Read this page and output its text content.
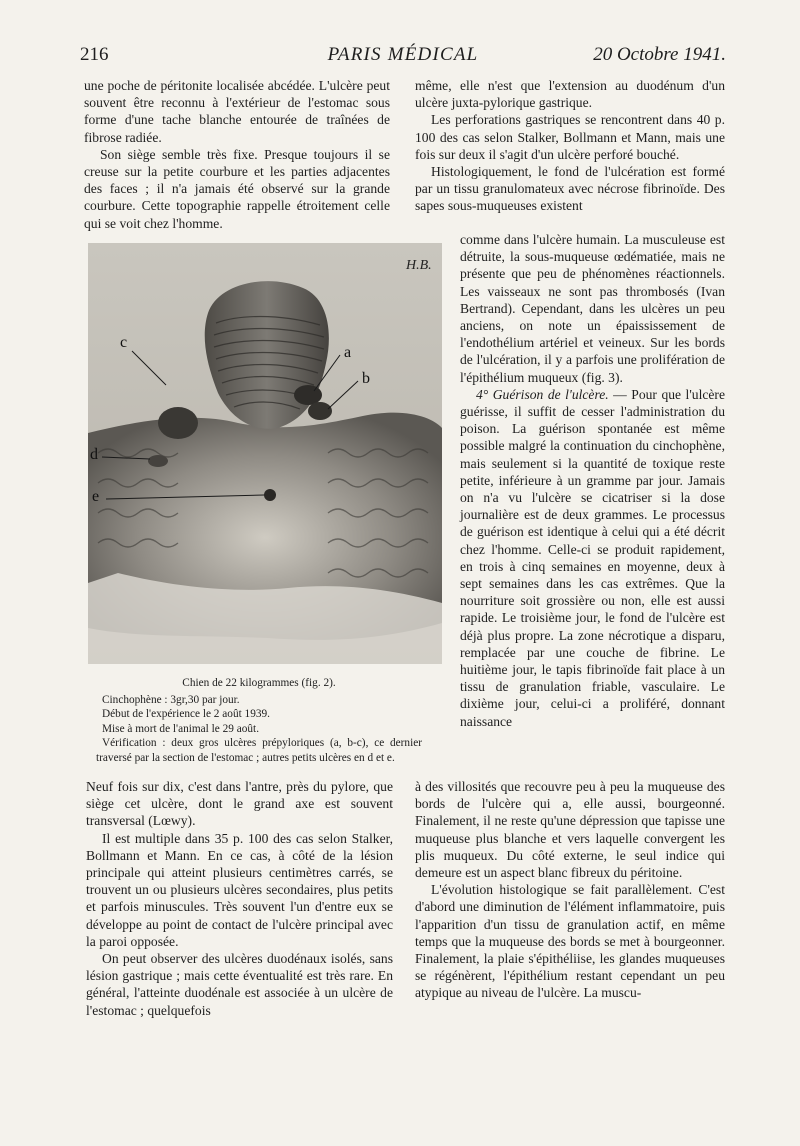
216	PARIS MÉDICAL	20 Octobre 1941.

une poche de péritonite localisée abcédée. L'ulcère peut souvent être reconnu à l'extérieur de l'estomac sous forme d'une tache blanche entourée de traînées de fibrose radiée.

Son siège semble très fixe. Presque toujours il se creuse sur la petite courbure et les parties adjacentes des faces ; il n'a jamais été observé sur la grande courbure. Cette topographie rappelle étroitement celle qui se voit chez l'homme.

c
a
b
d
e
H.B.

Chien de 22 kilogrammes (fig. 2).

Cinchophène : 3gr,30 par jour.

Début de l'expérience le 2 août 1939.

Mise à mort de l'animal le 29 août.

Vérification : deux gros ulcères prépyloriques (a, b-c), ce dernier traversé par la section de l'estomac ; autres petits ulcères en d et e.

Neuf fois sur dix, c'est dans l'antre, près du pylore, que siège cet ulcère, dont le grand axe est souvent transversal (Lœwy).

Il est multiple dans 35 p. 100 des cas selon Stalker, Bollmann et Mann. En ce cas, à côté de la lésion principale qui atteint plusieurs centimètres carrés, se trouvent un ou plusieurs ulcères secondaires, plus petits et parfois minuscules. Très souvent l'un d'entre eux se développe au point de contact de l'ulcère principal avec la paroi opposée.

On peut observer des ulcères duodénaux isolés, sans lésion gastrique ; mais cette éventualité est très rare. En général, l'atteinte duodénale est associée à un ulcère de l'estomac ; quelquefois

même, elle n'est que l'extension au duodénum d'un ulcère juxta-pylorique gastrique.

Les perforations gastriques se rencontrent dans 40 p. 100 des cas selon Stalker, Bollmann et Mann, mais une fois sur deux il s'agit d'un ulcère perforé bouché.

Histologiquement, le fond de l'ulcération est formé par un tissu granulomateux avec nécrose fibrinoïde. Des sapes sous-muqueuses existent

comme dans l'ulcère humain. La musculeuse est détruite, la sous-muqueuse œdématiée, mais ne présente que peu de phénomènes réactionnels. Les vaisseaux ne sont pas thrombosés (Ivan Bertrand). Cependant, dans les ulcères un peu anciens, on note un épaississement de l'endothélium artériel et veineux. Sur les bords de l'ulcération, il y a parfois une prolifération de l'épithélium muqueux (fig. 3).

4° Guérison de l'ulcère. — Pour que l'ulcère guérisse, il suffit de cesser l'administration du poison. La guérison spontanée est même possible malgré la continuation du cinchophène, mais seulement si la quantité de toxique reste petite, inférieure à un gramme par jour. Jamais on n'a vu l'ulcère se cicatriser si la dose journalière est de deux grammes. Le processus de guérison est identique à celui qui a été décrit chez l'homme. Celle-ci se produit rapidement, en trois à cinq semaines en moyenne, deux à sept semaines dans les cas extrêmes. Que la nourriture soit grossière ou non, elle est aussi rapide. Le troisième jour, le fond de l'ulcère est déjà plus propre. La zone nécrotique a disparu, remplacée par une couche de fibrine. Le huitième jour, le tapis fibrinoïde fait place à un tissu de granulation friable, vasculaire. Le dixième jour, celui-ci a proliféré, donnant naissance

à des villosités que recouvre peu à peu la muqueuse des bords de l'ulcère qui a, elle aussi, bourgeonné. Finalement, il ne reste qu'une dépression que tapisse une muqueuse plus blanche et vers laquelle convergent les plis muqueux. Du côté externe, le seul indice qui demeure est un aspect blanc fibreux du péritoine.

L'évolution histologique se fait parallèlement. C'est d'abord une diminution de l'élément inflammatoire, puis l'apparition d'un tissu de granulation actif, en même temps que la muqueuse des bords se met à bourgeonner. Finalement, la plaie s'épithéliise, les glandes muqueuses se régénèrent, l'épithélium restant cependant un peu atypique au niveau de l'ulcère. La muscu-
